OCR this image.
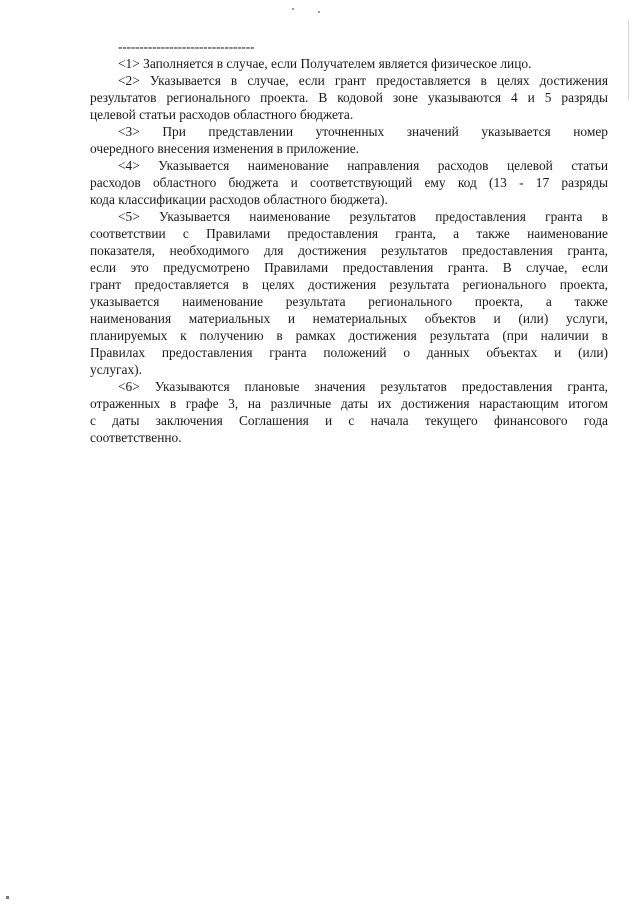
--------------------------------
<1> Заполняется в случае, если Получателем является физическое лицо.
<2> Указывается в случае, если грант предоставляется в целях достижения
результатов регионального проекта. В кодовой зоне указываются 4 и 5 разряды
целевой статьи расходов областного бюджета.
<3> При представлении уточненных значений указывается номер
очередного внесения изменения в приложение.
<4> Указывается наименование направления расходов целевой статьи
расходов областного бюджета и соответствующий ему код (13 - 17 разряды
кода классификации расходов областного бюджета).
<5> Указывается наименование результатов предоставления гранта в
соответствии с Правилами предоставления гранта, а также наименование
показателя, необходимого для достижения результатов предоставления гранта,
если это предусмотрено Правилами предоставления гранта. В случае, если
грант предоставляется в целях достижения результата регионального проекта,
указывается наименование результата регионального проекта, а также
наименования материальных и нематериальных объектов и (или) услуги,
планируемых к получению в рамках достижения результата (при наличии в
Правилах предоставления гранта положений о данных объектах и (или)
услугах).
<6> Указываются плановые значения результатов предоставления гранта,
отраженных в графе 3, на различные даты их достижения нарастающим итогом
с даты заключения Соглашения и с начала текущего финансового года
соответственно.
